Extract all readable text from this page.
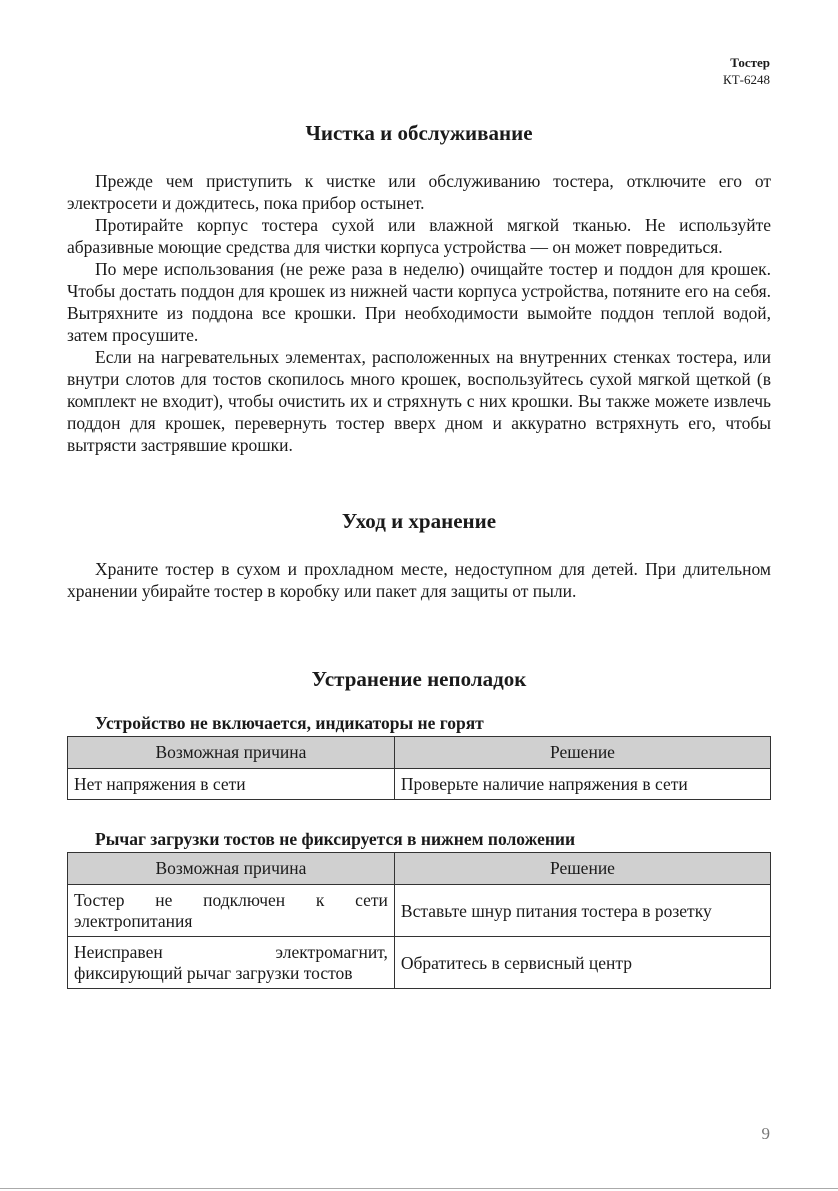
Тостер
КТ-6248
Чистка и обслуживание

Прежде чем приступить к чистке или обслуживанию тостера, отключите его от электросети и дождитесь, пока прибор остынет.

Протирайте корпус тостера сухой или влажной мягкой тканью. Не используйте абразивные моющие средства для чистки корпуса устройства — он может повредиться.

По мере использования (не реже раза в неделю) очищайте тостер и поддон для крошек. Чтобы достать поддон для крошек из нижней части корпуса устройства, потяните его на себя. Вытряхните из поддона все крошки. При необходимости вымойте поддон теплой водой, затем просушите.

Если на нагревательных элементах, расположенных на внутренних стенках тостера, или внутри слотов для тостов скопилось много крошек, воспользуйтесь сухой мягкой щеткой (в комплект не входит), чтобы очистить их и стряхнуть с них крошки. Вы также можете извлечь поддон для крошек, перевернуть тостер вверх дном и аккуратно встряхнуть его, чтобы вытрясти застрявшие крошки.

Уход и хранение

Храните тостер в сухом и прохладном месте, недоступном для детей. При длительном хранении убирайте тостер в коробку или пакет для защиты от пыли.

Устранение неполадок
Устройство не включается, индикаторы не горят
Возможная причина	Решение
Нет напряжения в сети	Проверьте наличие напряжения в сети
Рычаг загрузки тостов не фиксируется в нижнем положении
Возможная причина	Решение
Тостер не подключен к сети электропитания	Вставьте шнур питания тостера в розетку
Неисправен электромагнит, фиксирующий рычаг загрузки тостов	Обратитесь в сервисный центр
9
